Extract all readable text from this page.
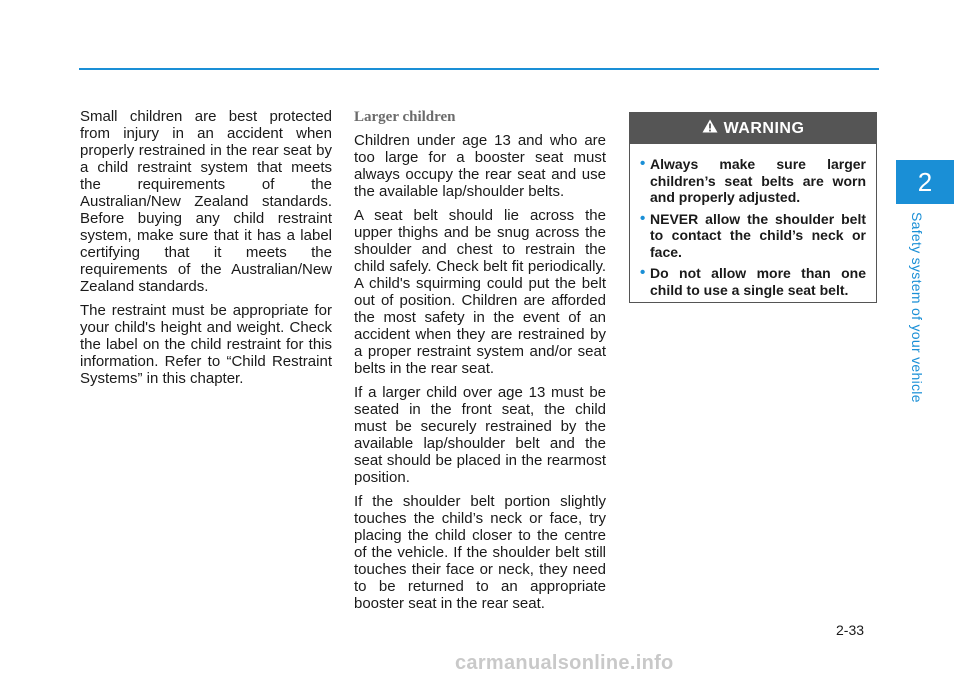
Small children are best protected from injury in an accident when properly restrained in the rear seat by a child restraint system that meets the requirements of the Australian/New Zealand standards. Before buying any child restraint system, make sure that it has a label certifying that it meets the requirements of the Australian/New Zealand standards.

The restraint must be appropriate for your child's height and weight. Check the label on the child restraint for this information. Refer to “Child Restraint Systems” in this chapter.

Larger children

Children under age 13 and who are too large for a booster seat must always occupy the rear seat and use the available lap/shoulder belts.

A seat belt should lie across the upper thighs and be snug across the shoulder and chest to restrain the child safely. Check belt fit periodically. A child's squirming could put the belt out of position. Children are afforded the most safety in the event of an accident when they are restrained by a proper restraint system and/or seat belts in the rear seat.

If a larger child over age 13 must be seated in the front seat, the child must be securely restrained by the available lap/shoulder belt and the seat should be placed in the rearmost position.

If the shoulder belt portion slightly touches the child’s neck or face, try placing the child closer to the centre of the vehicle. If the shoulder belt still touches their face or neck, they need to be returned to an appropriate booster seat in the rear seat.

WARNING
• Always make sure larger children’s seat belts are worn and properly adjusted.
• NEVER allow the shoulder belt to contact the child’s neck or face.
• Do not allow more than one child to use a single seat belt.
2
Safety system of your vehicle
2-33
carmanualsonline.info
